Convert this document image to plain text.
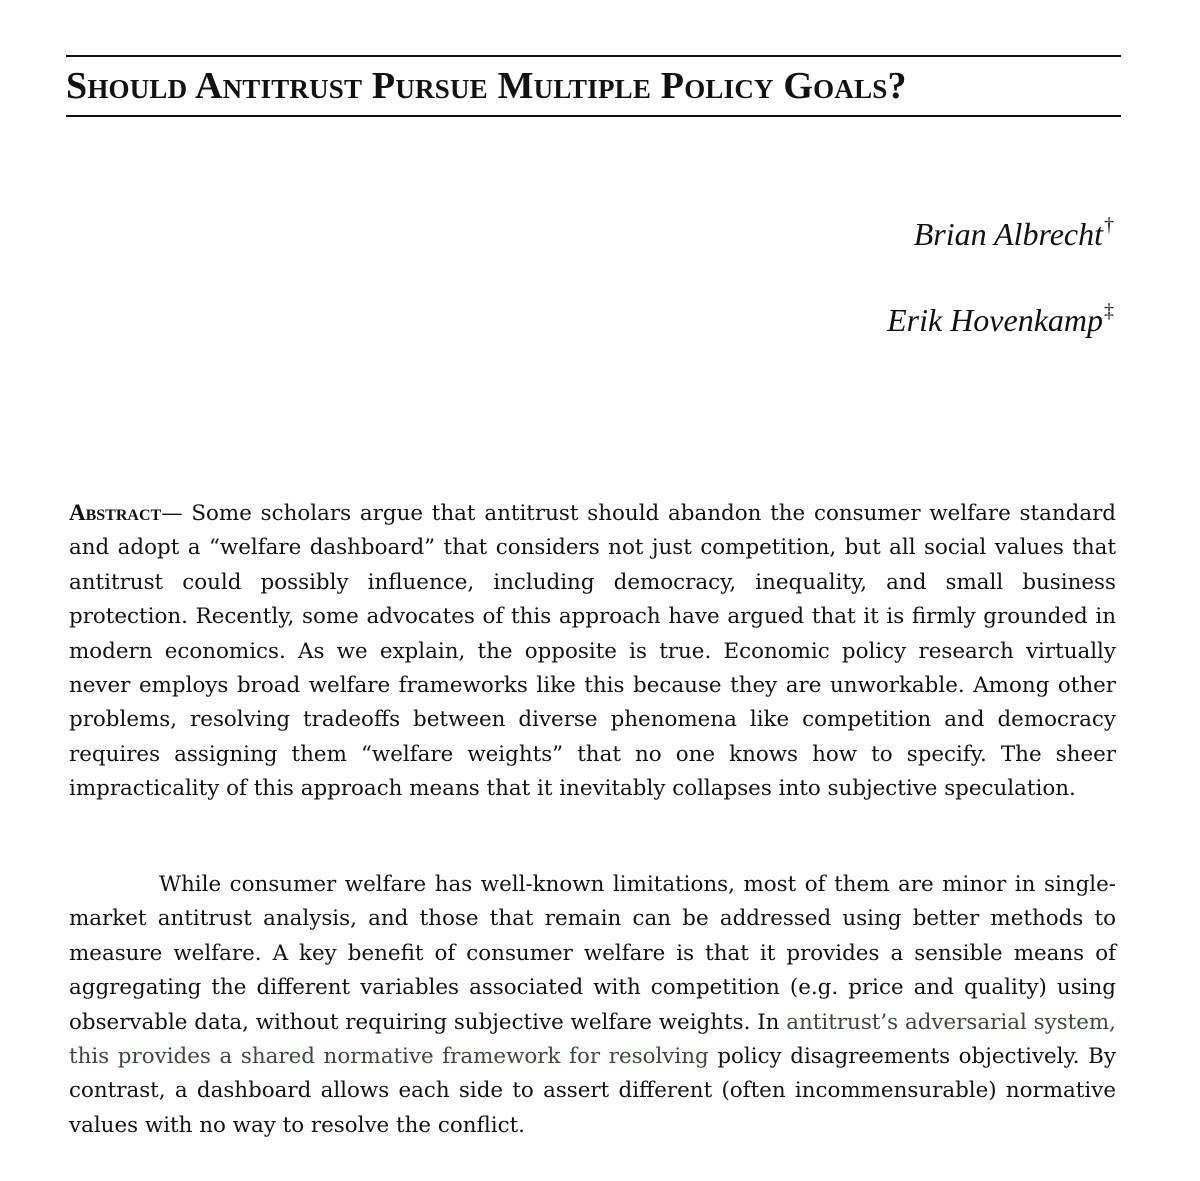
Should Antitrust Pursue Multiple Policy Goals?
Brian Albrecht†
Erik Hovenkamp‡

Abstract— Some scholars argue that antitrust should abandon the consumer welfare standard and adopt a “welfare dashboard” that considers not just competition, but all social values that antitrust could possibly influence, including democracy, inequality, and small business protection. Recently, some advocates of this approach have argued that it is firmly grounded in modern economics. As we explain, the opposite is true. Economic policy research virtually never employs broad welfare frameworks like this because they are unworkable. Among other problems, resolving tradeoffs between diverse phenomena like competition and democracy requires assigning them “welfare weights” that no one knows how to specify. The sheer impracticality of this approach means that it inevitably collapses into subjective speculation.

While consumer welfare has well-known limitations, most of them are minor in single-market antitrust analysis, and those that remain can be addressed using better methods to measure welfare. A key benefit of consumer welfare is that it provides a sensible means of aggregating the different variables associated with competition (e.g. price and quality) using observable data, without requiring subjective welfare weights. In antitrust’s adversarial system, this provides a shared normative framework for resolving policy disagreements objectively. By contrast, a dashboard allows each side to assert different (often incommensurable) normative values with no way to resolve the conflict.
